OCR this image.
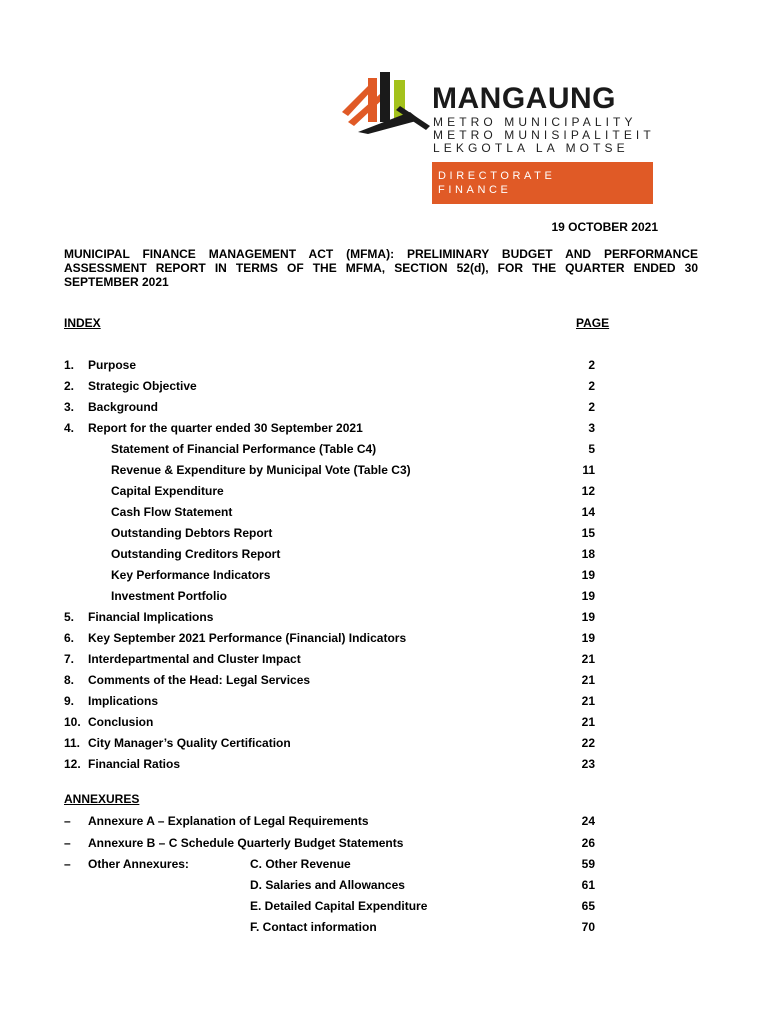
MANGAUNG
METRO MUNICIPALITY
METRO MUNISIPALITEIT
LEKGOTLA LA MOTSE
DIRECTORATE
FINANCE
19 OCTOBER 2021
MUNICIPAL FINANCE MANAGEMENT ACT (MFMA): PRELIMINARY BUDGET AND PERFORMANCE ASSESSMENT REPORT IN TERMS OF THE MFMA, SECTION 52(d), FOR THE QUARTER ENDED 30 SEPTEMBER 2021
INDEX	PAGE
1. Purpose	2
2. Strategic Objective	2
3. Background	2
4. Report for the quarter ended 30 September 2021	3
Statement of Financial Performance (Table C4)	5
Revenue & Expenditure by Municipal Vote (Table C3)	11
Capital Expenditure	12
Cash Flow Statement	14
Outstanding Debtors Report	15
Outstanding Creditors Report	18
Key Performance Indicators	19
Investment Portfolio	19
5. Financial Implications	19
6. Key September 2021 Performance (Financial) Indicators	19
7. Interdepartmental and Cluster Impact	21
8. Comments of the Head: Legal Services	21
9. Implications	21
10. Conclusion	21
11. City Manager’s Quality Certification	22
12. Financial Ratios	23
ANNEXURES
– Annexure A – Explanation of Legal Requirements	24
– Annexure B – C Schedule Quarterly Budget Statements	26
– Other Annexures:	C. Other Revenue	59
D. Salaries and Allowances	61
E. Detailed Capital Expenditure	65
F. Contact information	70
